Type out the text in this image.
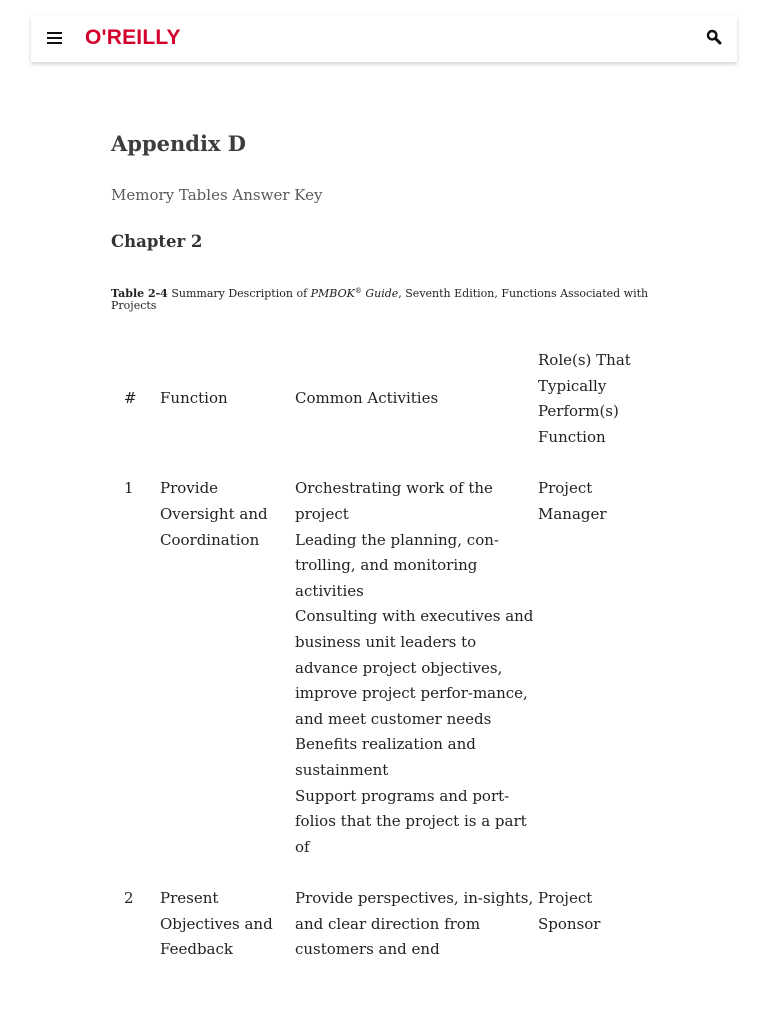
O'REILLY
Appendix D
Memory Tables Answer Key
Chapter 2
Table 2-4 Summary Description of PMBOK® Guide, Seventh Edition, Functions Associated with Projects
#	Function	Common Activities	Role(s) That Typically Perform(s) Function
1	Provide Oversight and Coordination	Orchestrating work of the project
Leading the planning, con-trolling, and monitoring activities
Consulting with executives and business unit leaders to advance project objectives, improve project perfor-mance, and meet customer needs
Benefits realization and sustainment
Support programs and port-folios that the project is a part of	Project Manager
2	Present Objectives and Feedback	Provide perspectives, in-sights, and clear direction from customers and end	Project Sponsor
